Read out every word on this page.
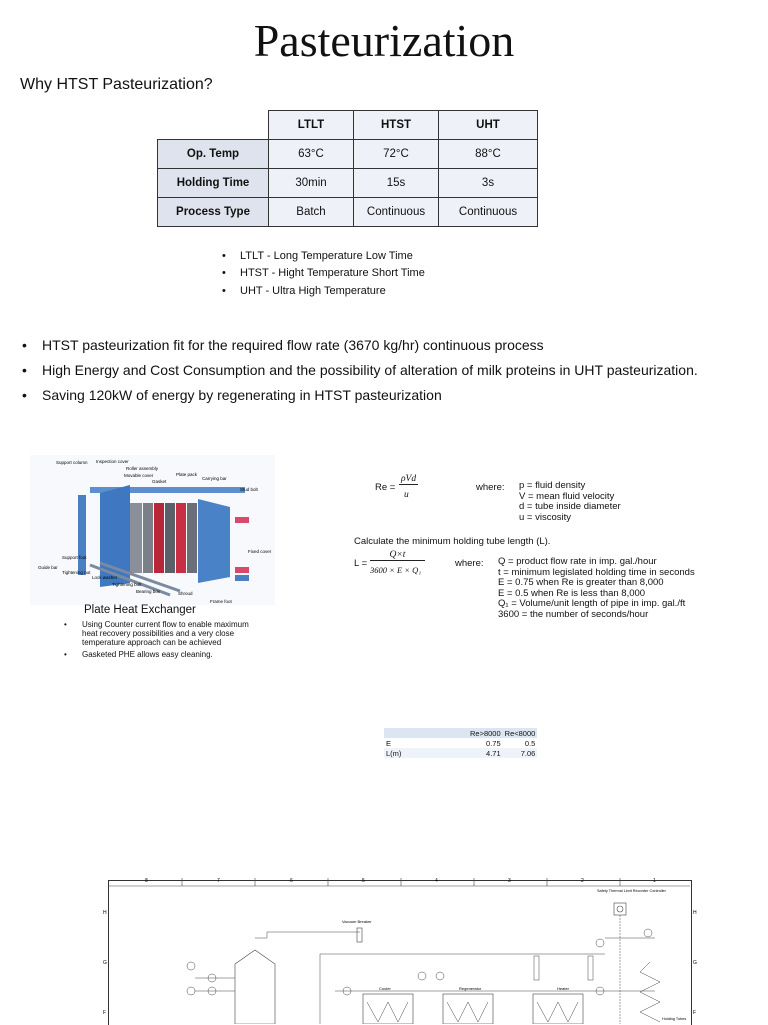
Pasteurization
Why HTST Pasteurization?
	LTLT	HTST	UHT
Op. Temp	63°C	72°C	88°C
Holding Time	30min	15s	3s
Process Type	Batch	Continuous	Continuous
• LTLT - Long Temperature Low Time
• HTST - Hight Temperature Short Time
• UHT - Ultra High Temperature
• HTST pasteurization fit for the required flow rate (3670 kg/hr) continuous process
• High Energy and Cost Consumption and the possibility of alteration of milk proteins in UHT pasteurization.
• Saving 120kW of energy by regenerating in HTST pasteurization
Support column Inspection cover
Roller assembly
Movable cover
Gasket
Plate pack
Carrying bar
Stud bolt
Fixed cover
Support foot
Guide bar
Tightening nut
Lock washer
Tightening bolt
Bearing box	Shroud
Frame foot
Plate Heat Exchanger
• Using Counter current flow to enable maximum heat recovery possibilities and a very close temperature approach can be achieved
• Gasketed PHE allows easy cleaning.
Re =
ρVd
u
where: p = fluid density
V = mean fluid velocity
d = tube inside diameter
u = viscosity
Calculate the minimum holding tube length (L).
L =
Q×t
3600 × E × Q₁
where: Q = product flow rate in imp. gal./hour
t = minimum legislated holding time in seconds
E = 0.75 when Re is greater than 8,000
E = 0.5 when Re is less than 8,000
Q₁ = Volume/unit length of pipe in imp. gal./ft
3600 = the number of seconds/hour
	Re>8000	Re<8000
E	0.75	0.5
L(m)	4.71	7.06
8	7	6	5	4	3	2	1
H
G
F
H
G
F
Safety Thermal Limit Recorder Controller
Vacuum Breaker
Cooler	Regenerator	Heater
Holding Tubes
